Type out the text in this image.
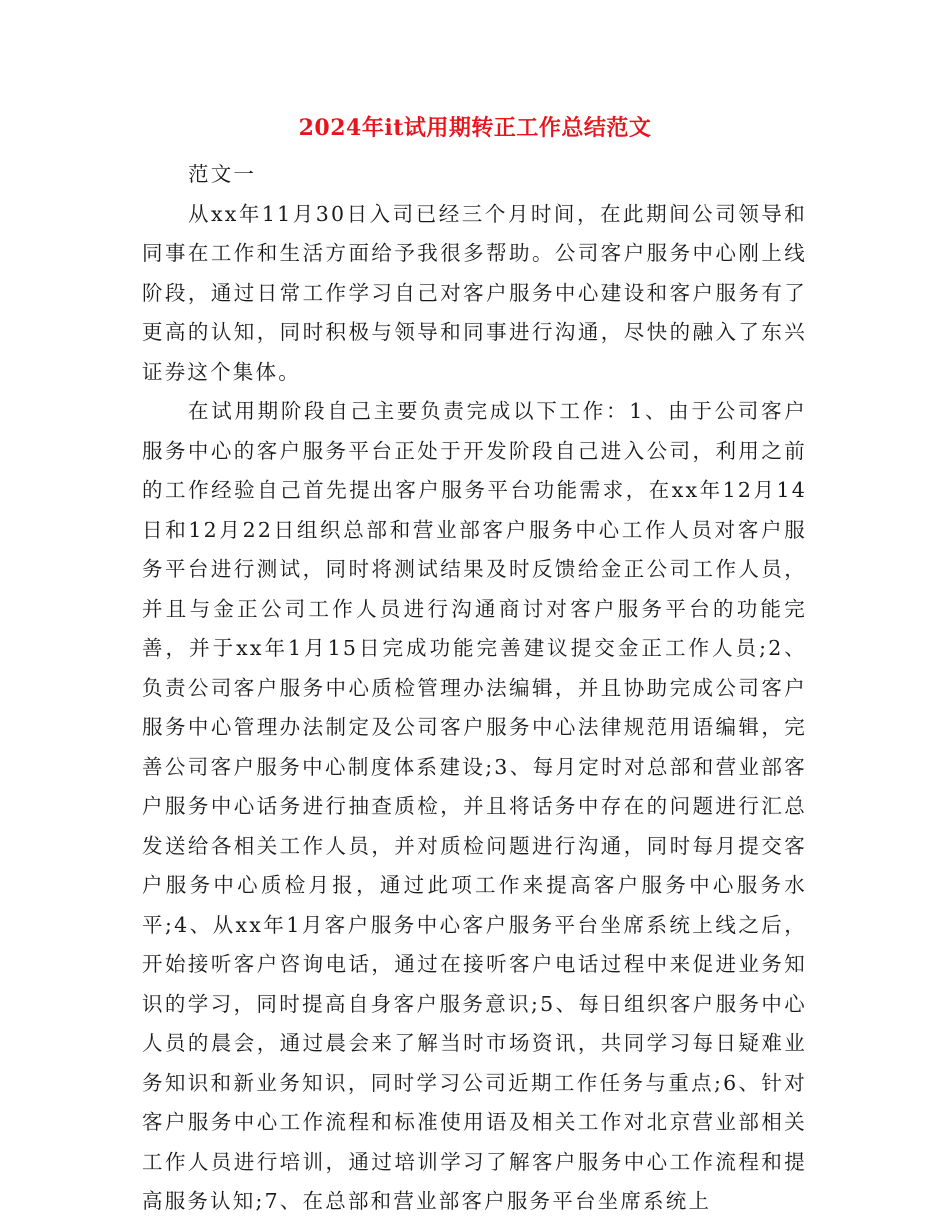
2024年it试用期转正工作总结范文

范文一

从xx年11月30日入司已经三个月时间，在此期间公司领导和同事在工作和生活方面给予我很多帮助。公司客户服务中心刚上线阶段，通过日常工作学习自己对客户服务中心建设和客户服务有了更高的认知，同时积极与领导和同事进行沟通，尽快的融入了东兴证券这个集体。

在试用期阶段自己主要负责完成以下工作：1、由于公司客户服务中心的客户服务平台正处于开发阶段自己进入公司，利用之前的工作经验自己首先提出客户服务平台功能需求，在xx年12月14日和12月22日组织总部和营业部客户服务中心工作人员对客户服务平台进行测试，同时将测试结果及时反馈给金正公司工作人员，并且与金正公司工作人员进行沟通商讨对客户服务平台的功能完善，并于xx年1月15日完成功能完善建议提交金正工作人员;2、负责公司客户服务中心质检管理办法编辑，并且协助完成公司客户服务中心管理办法制定及公司客户服务中心法律规范用语编辑，完善公司客户服务中心制度体系建设;3、每月定时对总部和营业部客户服务中心话务进行抽查质检，并且将话务中存在的问题进行汇总发送给各相关工作人员，并对质检问题进行沟通，同时每月提交客户服务中心质检月报，通过此项工作来提高客户服务中心服务水平;4、从xx年1月客户服务中心客户服务平台坐席系统上线之后，开始接听客户咨询电话，通过在接听客户电话过程中来促进业务知识的学习，同时提高自身客户服务意识;5、每日组织客户服务中心人员的晨会，通过晨会来了解当时市场资讯，共同学习每日疑难业务知识和新业务知识，同时学习公司近期工作任务与重点;6、针对客户服务中心工作流程和标准使用语及相关工作对北京营业部相关工作人员进行培训，通过培训学习了解客户服务中心工作流程和提高服务认知;7、在总部和营业部客户服务平台坐席系统上
